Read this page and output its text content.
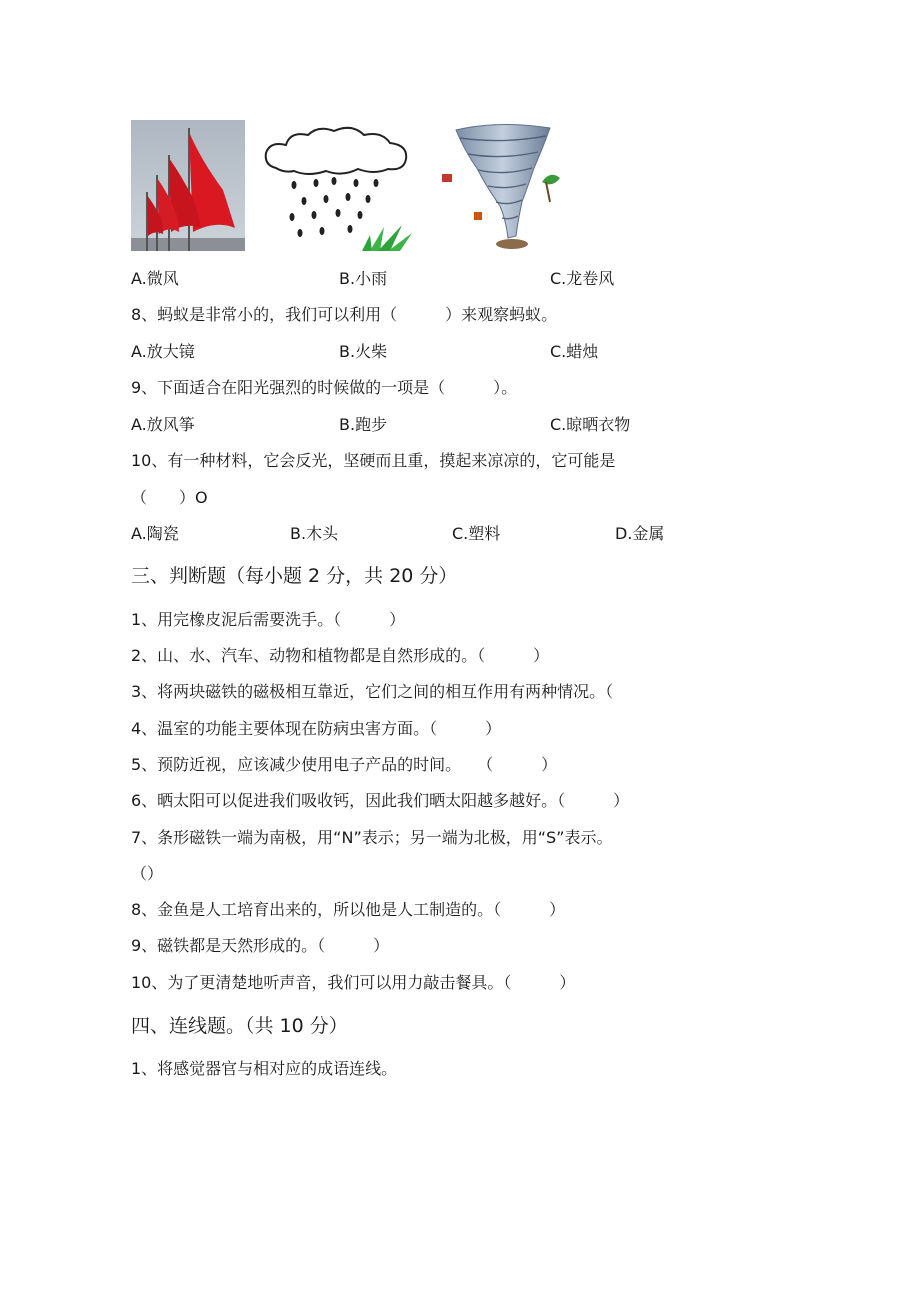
A.微风	B.小雨	C.龙卷风
8、蚂蚁是非常小的，我们可以利用（　　　）来观察蚂蚁。
A.放大镜	B.火柴	C.蜡烛
9、下面适合在阳光强烈的时候做的一项是（　　　）。
A.放风筝	B.跑步	C.晾晒衣物
10、有一种材料，它会反光，坚硬而且重，摸起来凉凉的，它可能是
（　　）O
A.陶瓷	B.木头	C.塑料	D.金属
三、判断题（每小题 2 分，共 20 分）
1、用完橡皮泥后需要洗手。（　　　）
2、山、水、汽车、动物和植物都是自然形成的。（　　　）
3、将两块磁铁的磁极相互靠近，它们之间的相互作用有两种情况。（
4、温室的功能主要体现在防病虫害方面。（　　　）
5、预防近视，应该减少使用电子产品的时间。　　（　　　）
6、晒太阳可以促进我们吸收钙，因此我们晒太阳越多越好。（　　　）
7、条形磁铁一端为南极，用“N”表示；另一端为北极，用“S”表示。
（）
8、金鱼是人工培育出来的，所以他是人工制造的。（　　　）
9、磁铁都是天然形成的。（　　　）
10、为了更清楚地听声音，我们可以用力敲击餐具。（　　　）
四、连线题。（共 10 分）
1、将感觉器官与相对应的成语连线。
